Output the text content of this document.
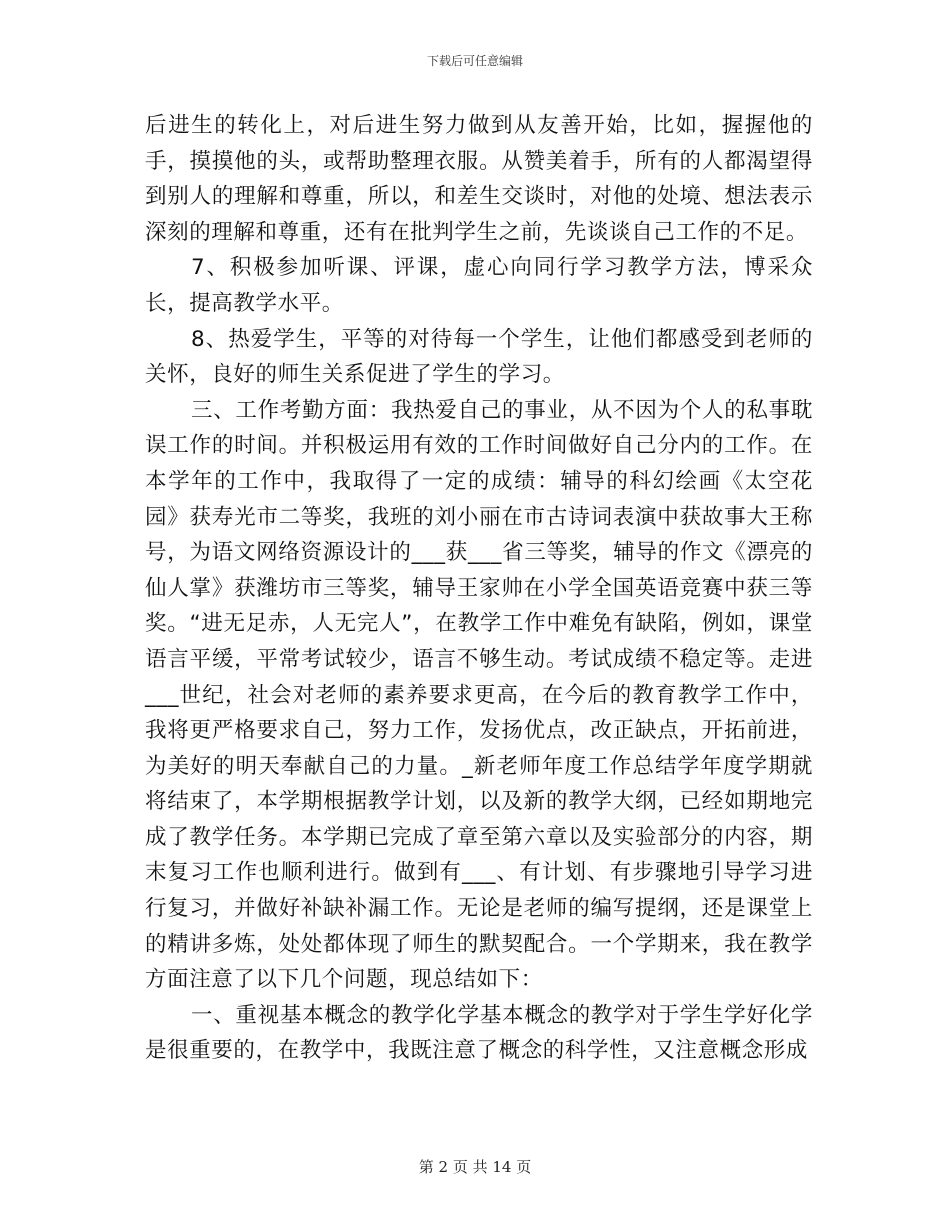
下载后可任意编辑

后进生的转化上，对后进生努力做到从友善开始，比如，握握他的手，摸摸他的头，或帮助整理衣服。从赞美着手，所有的人都渴望得到别人的理解和尊重，所以，和差生交谈时，对他的处境、想法表示深刻的理解和尊重，还有在批判学生之前，先谈谈自己工作的不足。

7、积极参加听课、评课，虚心向同行学习教学方法，博采众长，提高教学水平。

8、热爱学生，平等的对待每一个学生，让他们都感受到老师的关怀，良好的师生关系促进了学生的学习。

三、工作考勤方面：我热爱自己的事业，从不因为个人的私事耽误工作的时间。并积极运用有效的工作时间做好自己分内的工作。在本学年的工作中，我取得了一定的成绩：辅导的科幻绘画《太空花园》获寿光市二等奖，我班的刘小丽在市古诗词表演中获故事大王称号，为语文网络资源设计的___获___省三等奖，辅导的作文《漂亮的仙人掌》获潍坊市三等奖，辅导王家帅在小学全国英语竞赛中获三等奖。“进无足赤，人无完人”，在教学工作中难免有缺陷，例如，课堂语言平缓，平常考试较少，语言不够生动。考试成绩不稳定等。走进___世纪，社会对老师的素养要求更高，在今后的教育教学工作中，我将更严格要求自己，努力工作，发扬优点，改正缺点，开拓前进，为美好的明天奉献自己的力量。_新老师年度工作总结学年度学期就将结束了，本学期根据教学计划，以及新的教学大纲，已经如期地完成了教学任务。本学期已完成了章至第六章以及实验部分的内容，期末复习工作也顺利进行。做到有___、有计划、有步骤地引导学习进行复习，并做好补缺补漏工作。无论是老师的编写提纲，还是课堂上的精讲多炼，处处都体现了师生的默契配合。一个学期来，我在教学方面注意了以下几个问题，现总结如下：

一、重视基本概念的教学化学基本概念的教学对于学生学好化学是很重要的，在教学中，我既注意了概念的科学性，又注意概念形成

第 2 页 共 14 页
